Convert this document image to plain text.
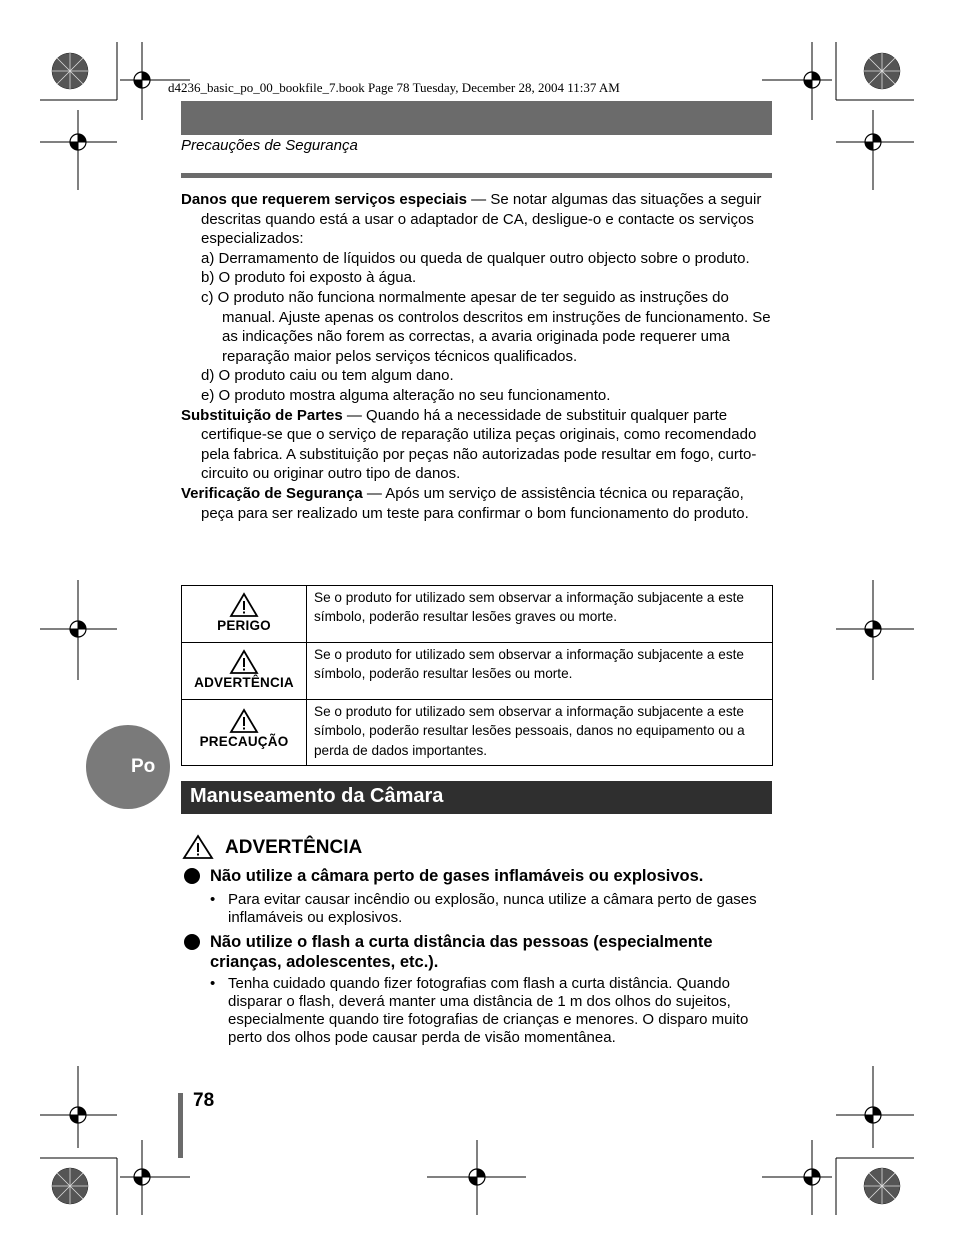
d4236_basic_po_00_bookfile_7.book Page 78 Tuesday, December 28, 2004 11:37 AM
Precauções de Segurança

Danos que requerem serviços especiais — Se notar algumas das situações a seguir descritas quando está a usar o adaptador de CA, desligue-o e contacte os serviços especializados:

a) Derramamento de líquidos ou queda de qualquer outro objecto sobre o produto.

b) O produto foi exposto à água.

c) O produto não funciona normalmente apesar de ter seguido as instruções do manual. Ajuste apenas os controlos descritos em instruções de funcionamento. Se as indicações não forem as correctas, a avaria originada pode requerer uma reparação maior pelos serviços técnicos qualificados.

d) O produto caiu ou tem algum dano.

e) O produto mostra alguma alteração no seu funcionamento.

Substituição de Partes — Quando há a necessidade de substituir qualquer parte certifique-se que o serviço de reparação utiliza peças originais, como recomendado pela fabrica. A substituição por peças não autorizadas pode resultar em fogo, curto-circuito ou originar outro tipo de danos.

Verificação de Segurança — Após um serviço de assistência técnica ou reparação, peça para ser realizado um teste para confirmar o bom funcionamento do produto.

PERIGO	Se o produto for utilizado sem observar a informação subjacente a este símbolo, poderão resultar lesões graves ou morte.

ADVERTÊNCIA	Se o produto for utilizado sem observar a informação subjacente a este símbolo, poderão resultar lesões ou morte.

PRECAUÇÃO	Se o produto for utilizado sem observar a informação subjacente a este símbolo, poderão resultar lesões pessoais, danos no equipamento ou a perda de dados importantes.
Po
Manuseamento da Câmara
ADVERTÊNCIA
Não utilize a câmara perto de gases inflamáveis ou explosivos.
• Para evitar causar incêndio ou explosão, nunca utilize a câmara perto de gases inflamáveis ou explosivos.
Não utilize o flash a curta distância das pessoas (especialmente crianças, adolescentes, etc.).
• Tenha cuidado quando fizer fotografias com flash a curta distância. Quando disparar o flash, deverá manter uma distância de 1 m dos olhos do sujeitos, especialmente quando tire fotografias de crianças e menores. O disparo muito perto dos olhos pode causar perda de visão momentânea.
78
